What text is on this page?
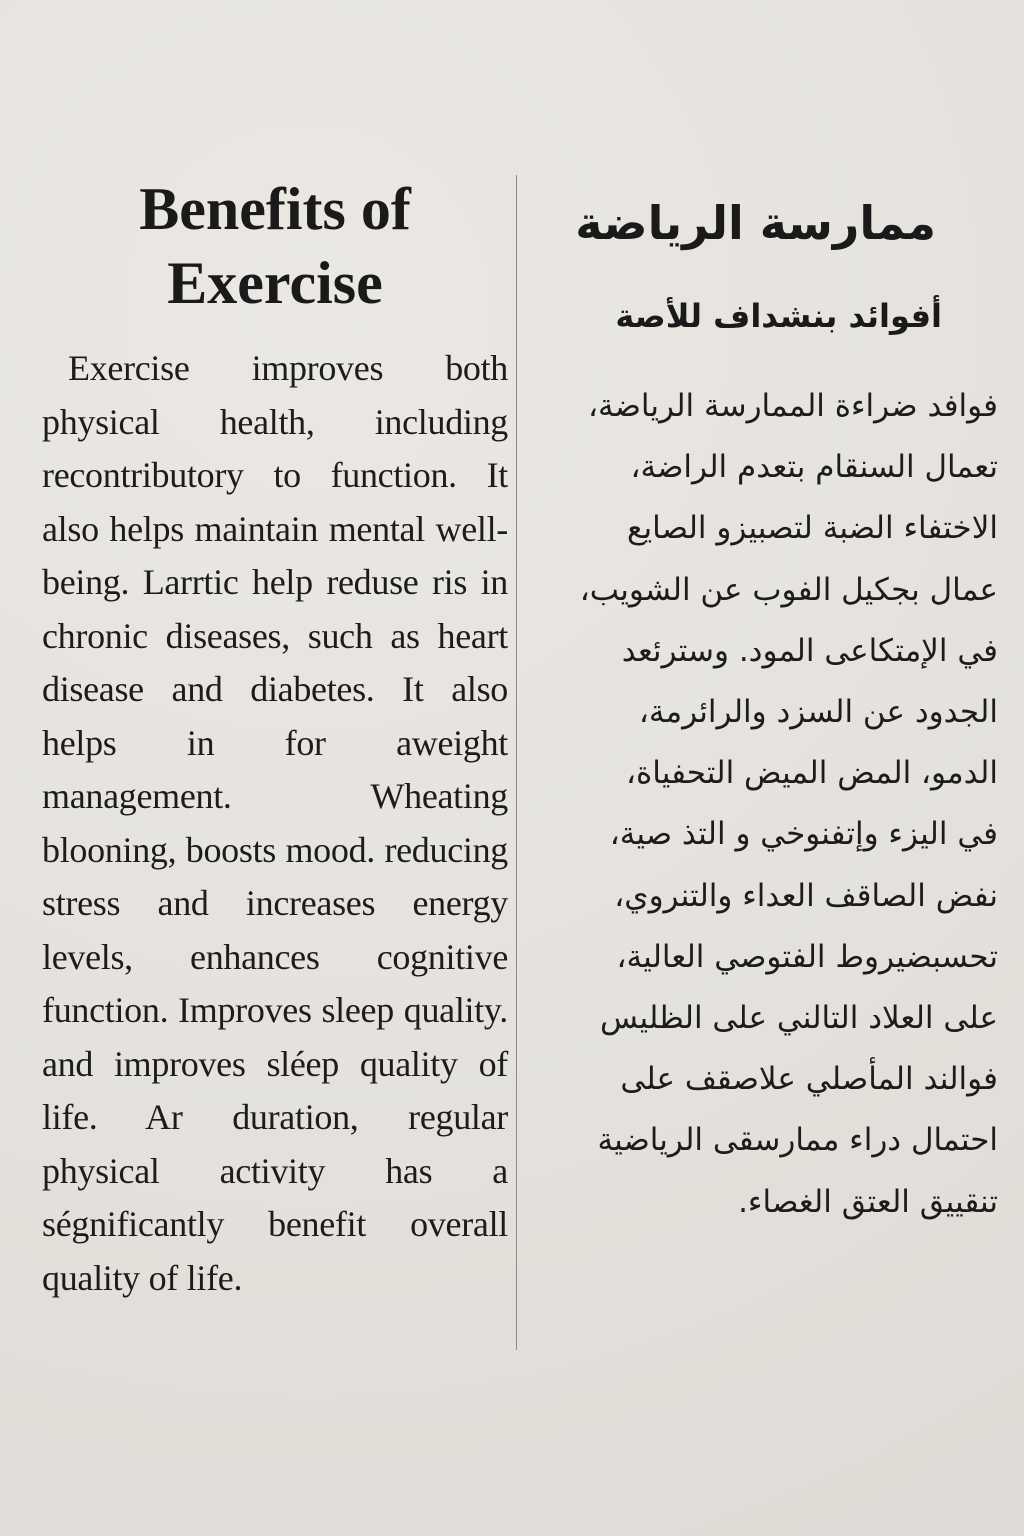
Benefits of
Exercise

Exercise improves both physical health, including recontributory to function. It also helps maintain mental well-being. Larrtic help reduse ris in chronic diseases, such as heart disease and diabetes. It also helps in for aweight management. Wheating blooning, boosts mood. reducing stress and increases energy levels, enhances cognitive function. Improves sleep quality. and improves sléep quality of life. Ar duration, regular physical activity has a ségnificantly benefit overall quality of life.

ممارسة الرياضة
أفوائد بنشداف للأصة
فوافد ضراءة الممارسة الرياضة،
تعمال السنقام بتعدم الراضة،
الاختفاء الضبة لتصبيزو الصايع
عمال بجكيل الفوب عن الشويب،
في الإمتكاعى المود. وسترئعد
الجدود عن السزد والرائرمة،
الدمو، المض الميض التحفياة،
في اليزء وإتفنوخي و التذ صية،
نفض الصاقف العداء والتنروي،
تحسبضيروط الفتوصي العالية،
على العلاد التالني على الظليس
فوالند المأصلي علاصقف على
احتمال دراء ممارسقى الرياضية
تنقييق العتق الغصاء.
